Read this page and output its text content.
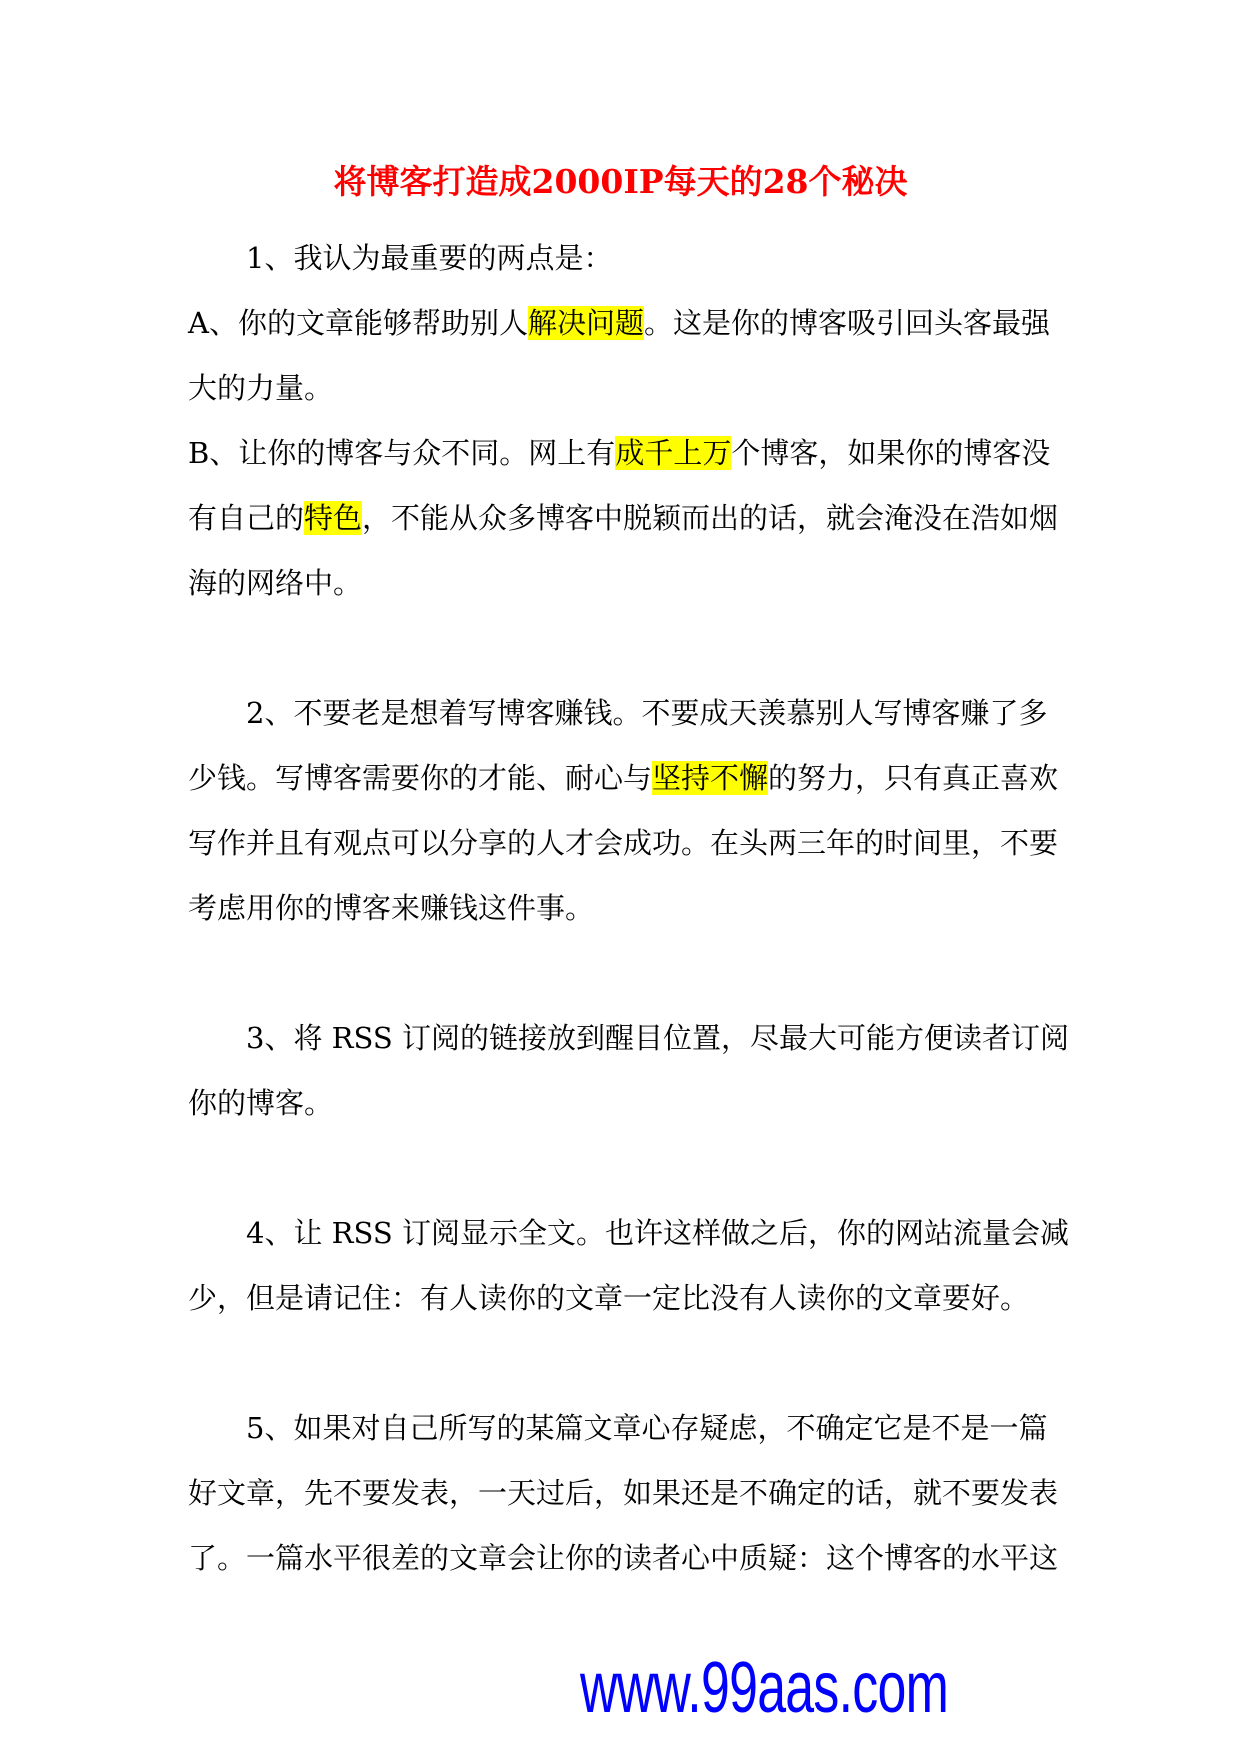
将博客打造成2000IP每天的28个秘决

1、我认为最重要的两点是：

A、你的文章能够帮助别人解决问题。这是你的博客吸引回头客最强

大的力量。

B、让你的博客与众不同。网上有成千上万个博客，如果你的博客没

有自己的特色，不能从众多博客中脱颖而出的话，就会淹没在浩如烟

海的网络中。

2、不要老是想着写博客赚钱。不要成天羡慕别人写博客赚了多

少钱。写博客需要你的才能、耐心与坚持不懈的努力，只有真正喜欢

写作并且有观点可以分享的人才会成功。在头两三年的时间里，不要

考虑用你的博客来赚钱这件事。

3、将 RSS 订阅的链接放到醒目位置，尽最大可能方便读者订阅

你的博客。

4、让 RSS 订阅显示全文。也许这样做之后，你的网站流量会减

少，但是请记住：有人读你的文章一定比没有人读你的文章要好。

5、如果对自己所写的某篇文章心存疑虑，不确定它是不是一篇

好文章，先不要发表，一天过后，如果还是不确定的话，就不要发表

了。一篇水平很差的文章会让你的读者心中质疑：这个博客的水平这

www.99aas.com
